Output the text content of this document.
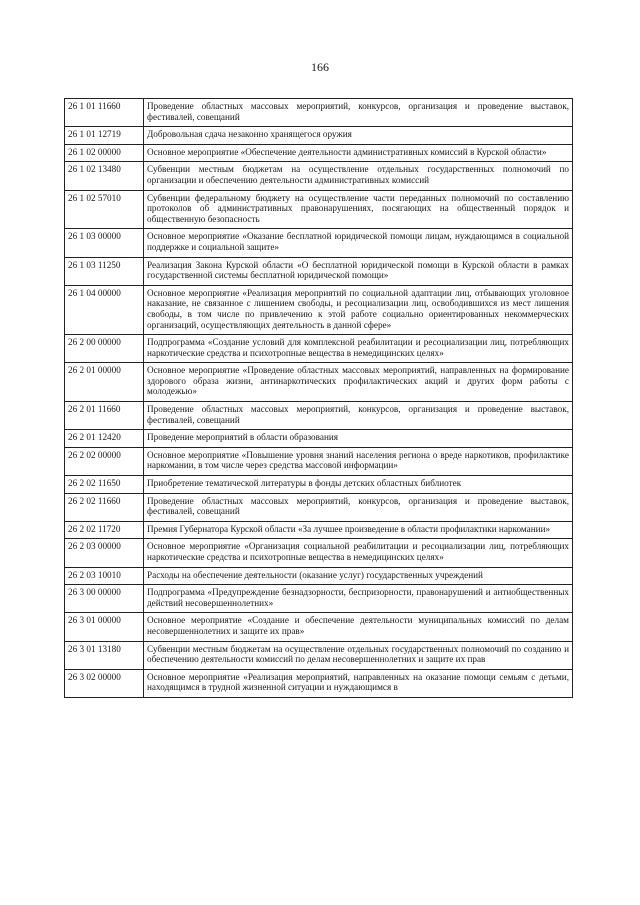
166
26 1 01 11660	Проведение областных массовых мероприятий, конкурсов, организация и проведение выставок, фестивалей, совещаний
26 1 01 12719	Добровольная сдача незаконно хранящегося оружия
26 1 02 00000	Основное мероприятие «Обеспечение деятельности административных комиссий в Курской области»
26 1 02 13480	Субвенции местным бюджетам на осуществление отдельных государственных полномочий по организации и обеспечению деятельности административных комиссий
26 1 02 57010	Субвенции федеральному бюджету на осуществление части переданных полномочий по составлению протоколов об административных правонарушениях, посягающих на общественный порядок и общественную безопасность
26 1 03 00000	Основное мероприятие «Оказание бесплатной юридической помощи лицам, нуждающимся в социальной поддержке и социальной защите»
26 1 03 11250	Реализация Закона Курской области «О бесплатной юридической помощи в Курской области в рамках государственной системы бесплатной юридической помощи»
26 1 04 00000	Основное мероприятие «Реализация мероприятий по социальной адаптации лиц, отбывающих уголовное наказание, не связанное с лишением свободы, и ресоциализации лиц, освободившихся из мест лишения свободы, в том числе по привлечению к этой работе социально ориентированных некоммерческих организаций, осуществляющих деятельность в данной сфере»
26 2 00 00000	Подпрограмма «Создание условий для комплексной реабилитации и ресоциализации лиц, потребляющих наркотические средства и психотропные вещества в немедицинских целях»
26 2 01 00000	Основное мероприятие «Проведение областных массовых мероприятий, направленных на формирование здорового образа жизни, антинаркотических профилактических акций и других форм работы с молодежью»
26 2 01 11660	Проведение областных массовых мероприятий, конкурсов, организация и проведение выставок, фестивалей, совещаний
26 2 01 12420	Проведение мероприятий в области образования
26 2 02 00000	Основное мероприятие «Повышение уровня знаний населения региона о вреде наркотиков, профилактике наркомании, в том числе через средства массовой информации»
26 2 02 11650	Приобретение тематической литературы в фонды детских областных библиотек
26 2 02 11660	Проведение областных массовых мероприятий, конкурсов, организация и проведение выставок, фестивалей, совещаний
26 2 02 11720	Премия Губернатора Курской области «За лучшее произведение в области профилактики наркомании»
26 2 03 00000	Основное мероприятие «Организация социальной реабилитации и ресоциализации лиц, потребляющих наркотические средства и психотропные вещества в немедицинских целях»
26 2 03 10010	Расходы на обеспечение деятельности (оказание услуг) государственных учреждений
26 3 00 00000	Подпрограмма «Предупреждение безнадзорности, беспризорности, правонарушений и антиобщественных действий несовершеннолетних»
26 3 01 00000	Основное мероприятие «Создание и обеспечение деятельности муниципальных комиссий по делам несовершеннолетних и защите их прав»
26 3 01 13180	Субвенции местным бюджетам на осуществление отдельных государственных полномочий по созданию и обеспечению деятельности комиссий по делам несовершеннолетних и защите их прав
26 3 02 00000	Основное мероприятие «Реализация мероприятий, направленных на оказание помощи семьям с детьми, находящимся в трудной жизненной ситуации и нуждающимся в
